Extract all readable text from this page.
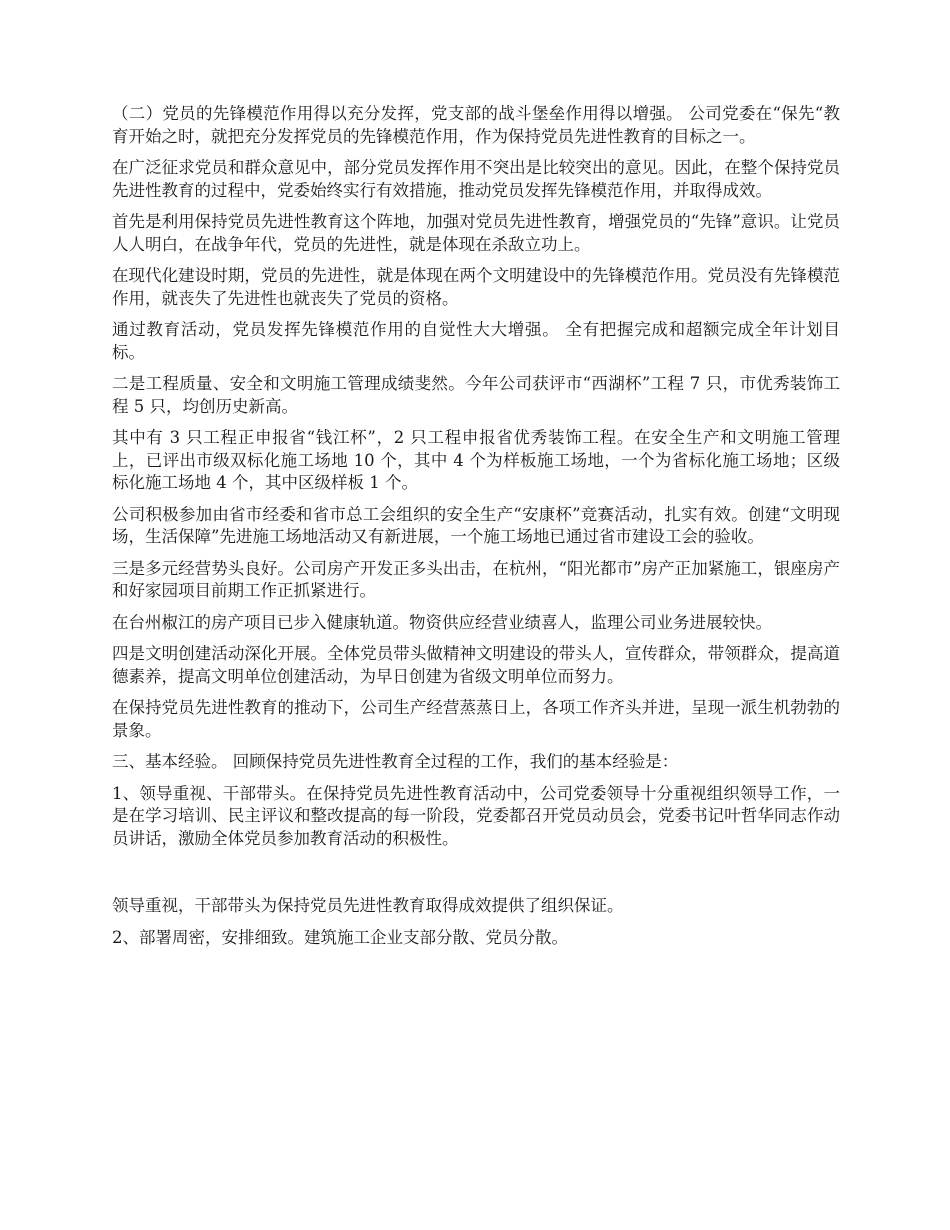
（二）党员的先锋模范作用得以充分发挥，党支部的战斗堡垒作用得以增强。 公司党委在“保先“教育开始之时，就把充分发挥党员的先锋模范作用，作为保持党员先进性教育的目标之一。

在广泛征求党员和群众意见中，部分党员发挥作用不突出是比较突出的意见。因此，在整个保持党员先进性教育的过程中，党委始终实行有效措施，推动党员发挥先锋模范作用，并取得成效。

首先是利用保持党员先进性教育这个阵地，加强对党员先进性教育，增强党员的“先锋”意识。让党员人人明白，在战争年代，党员的先进性，就是体现在杀敌立功上。

在现代化建设时期，党员的先进性，就是体现在两个文明建设中的先锋模范作用。党员没有先锋模范作用，就丧失了先进性也就丧失了党员的资格。

通过教育活动，党员发挥先锋模范作用的自觉性大大增强。 全有把握完成和超额完成全年计划目标。

二是工程质量、安全和文明施工管理成绩斐然。今年公司获评市“西湖杯”工程 7 只，市优秀装饰工程 5 只，均创历史新高。

其中有 3 只工程正申报省“钱江杯”，2 只工程申报省优秀装饰工程。在安全生产和文明施工管理上，已评出市级双标化施工场地 10 个，其中 4 个为样板施工场地，一个为省标化施工场地；区级标化施工场地 4 个，其中区级样板 1 个。

公司积极参加由省市经委和省市总工会组织的安全生产“安康杯”竞赛活动，扎实有效。创建“文明现场，生活保障”先进施工场地活动又有新进展，一个施工场地已通过省市建设工会的验收。

三是多元经营势头良好。公司房产开发正多头出击，在杭州，“阳光都市”房产正加紧施工，银座房产和好家园项目前期工作正抓紧进行。

在台州椒江的房产项目已步入健康轨道。物资供应经营业绩喜人，监理公司业务进展较快。

四是文明创建活动深化开展。全体党员带头做精神文明建设的带头人，宣传群众，带领群众，提高道德素养，提高文明单位创建活动，为早日创建为省级文明单位而努力。

在保持党员先进性教育的推动下，公司生产经营蒸蒸日上，各项工作齐头并进，呈现一派生机勃勃的景象。

三、基本经验。 回顾保持党员先进性教育全过程的工作，我们的基本经验是：

1、领导重视、干部带头。在保持党员先进性教育活动中，公司党委领导十分重视组织领导工作，一是在学习培训、民主评议和整改提高的每一阶段，党委都召开党员动员会，党委书记叶哲华同志作动员讲话，激励全体党员参加教育活动的积极性。

领导重视，干部带头为保持党员先进性教育取得成效提供了组织保证。

2、部署周密，安排细致。建筑施工企业支部分散、党员分散。
